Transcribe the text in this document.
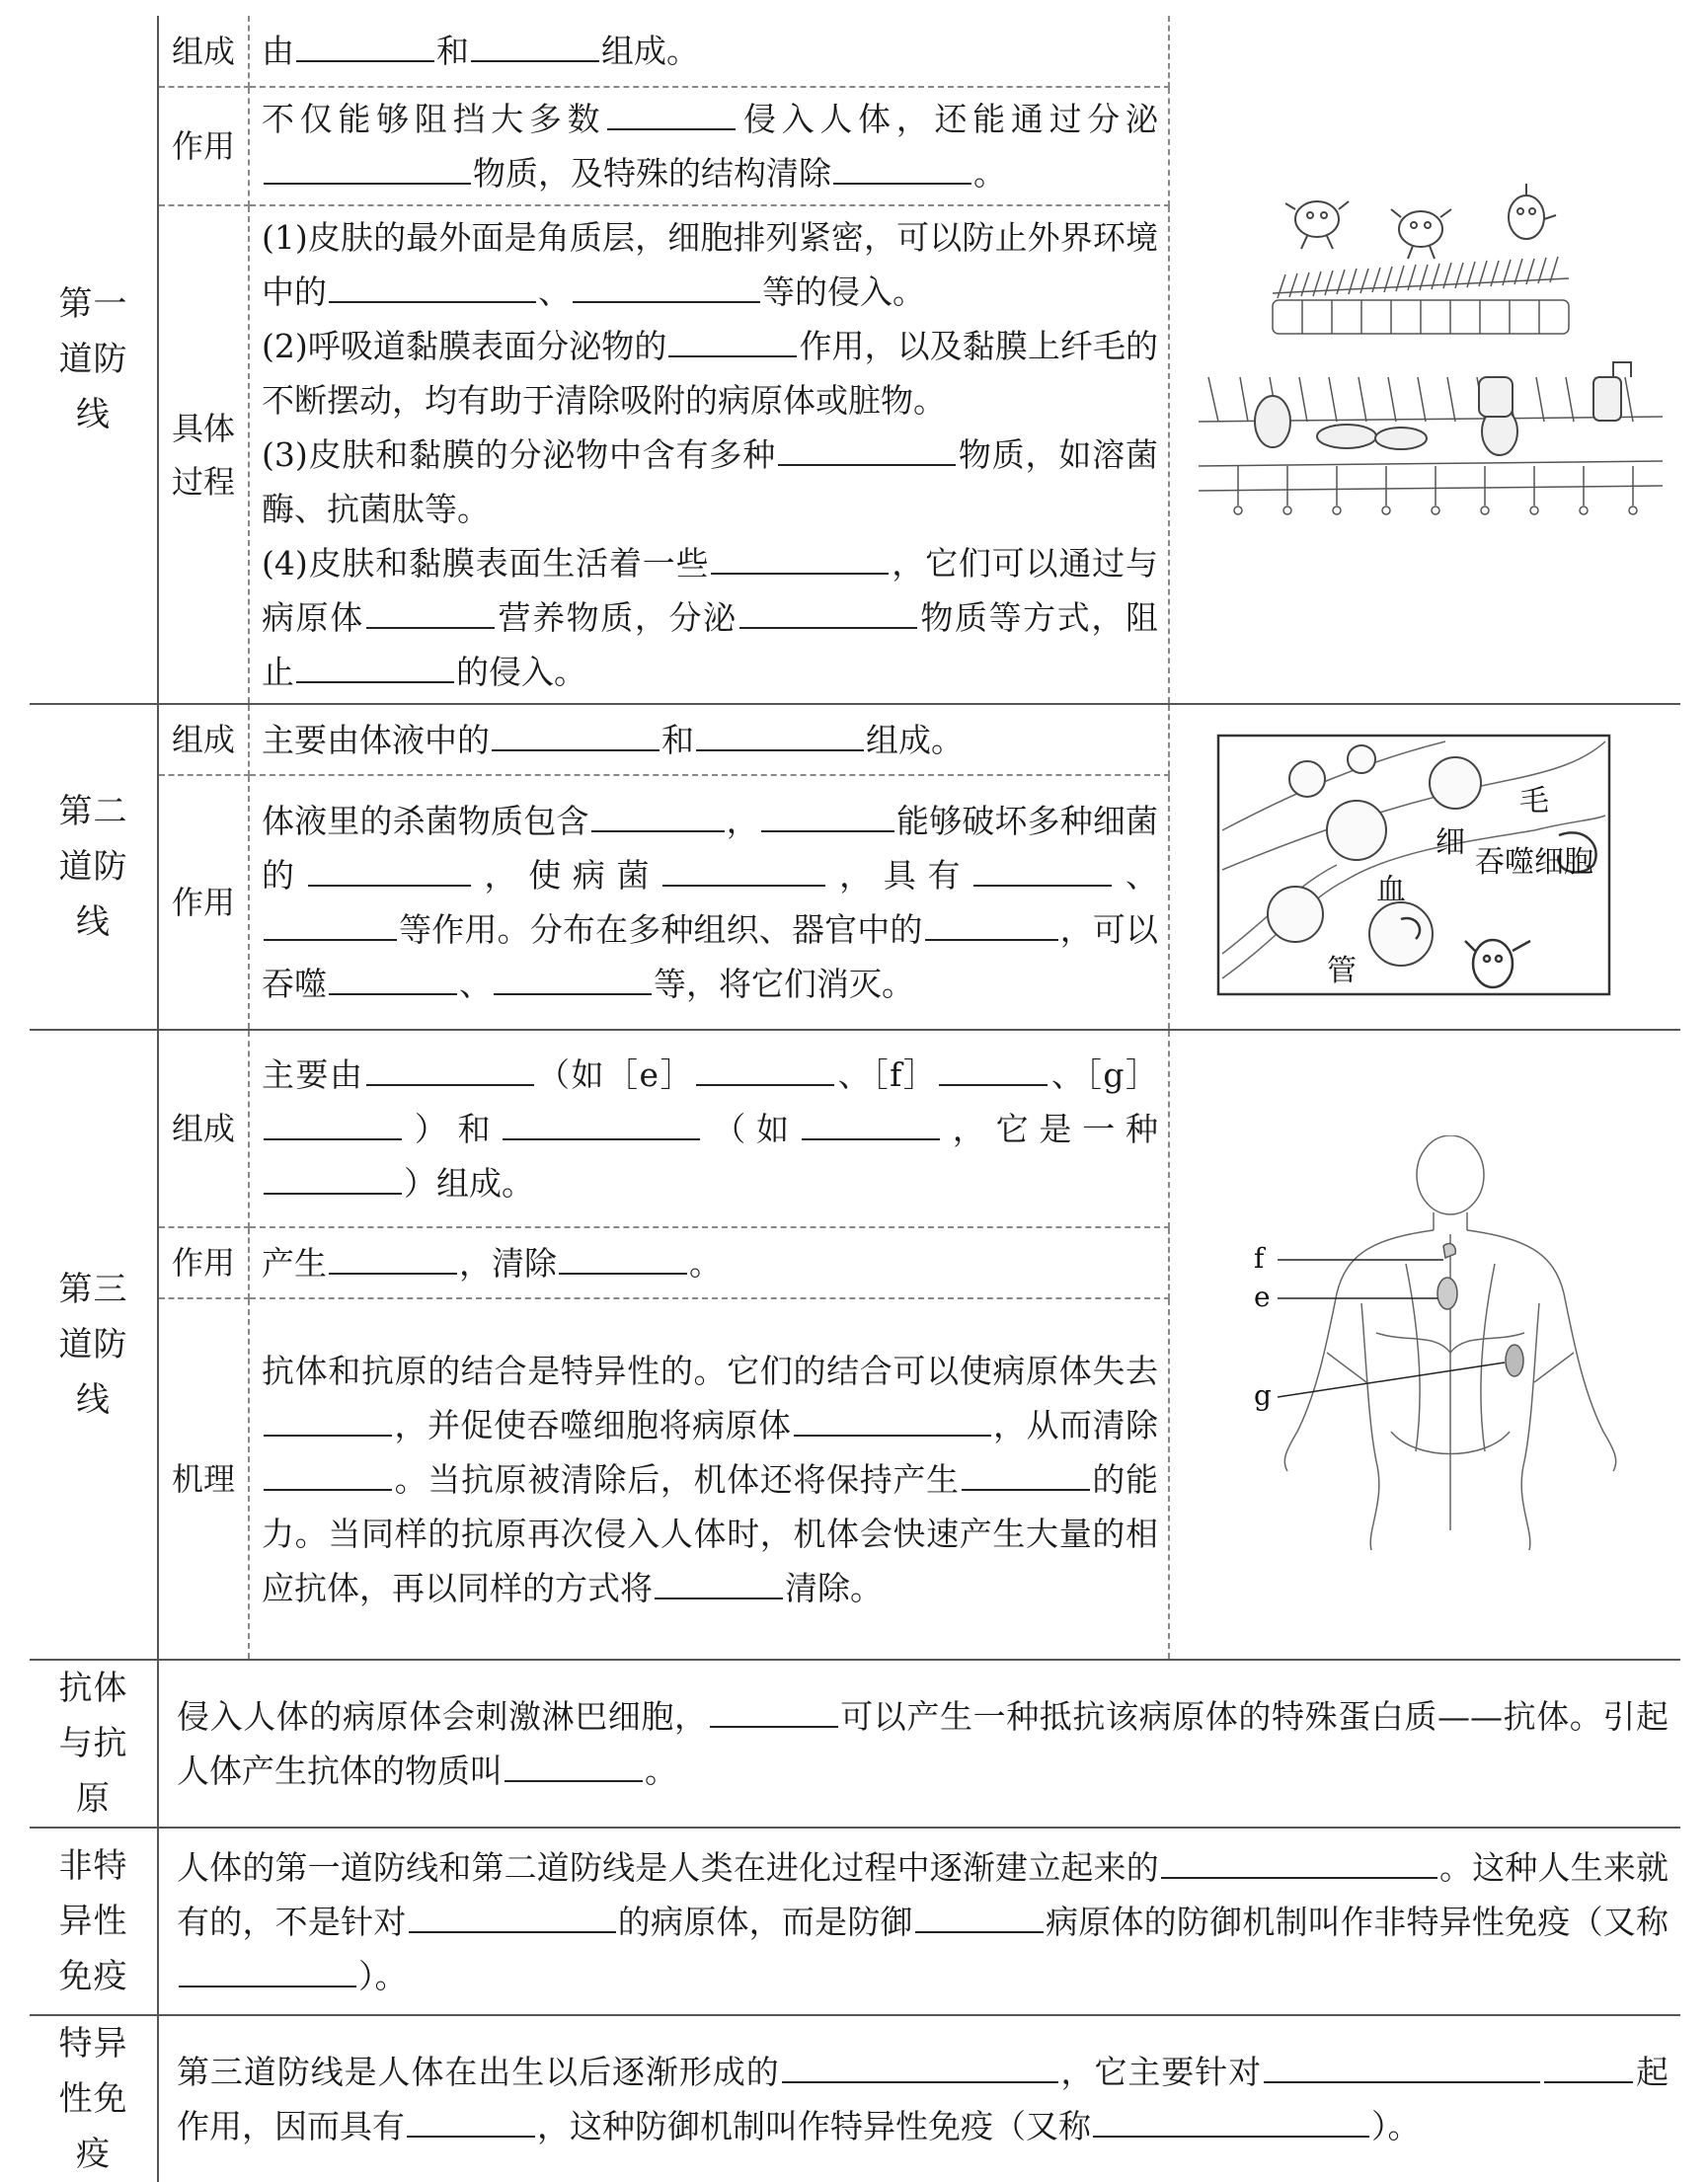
第一道防线	组成	由 和 组成。	
	作用	不仅能够阻挡大多数 侵入人体，还能通过分泌物质，及特殊的结构清除 。	

	具体过程	(1)皮肤的最外面是角质层，细胞排列紧密，可以防止外界环境中的 、 等的侵入。

(2)呼吸道黏膜表面分泌物的 作用，以及黏膜上纤毛的不断摆动，均有助于清除吸附的病原体或脏物。

(3)皮肤和黏膜的分泌物中含有多种 物质，如溶菌酶、抗菌肽等。

(4)皮肤和黏膜表面生活着一些 ，它们可以通过与病原体 营养物质，分泌 物质等方式，阻止 的侵入。	

第二道防线	组成	主要由体液中的 和 组成。	毛
细
血
管
吞噬细胞

	作用	体液里的杀菌物质包含 ， 能够破坏多种细菌的 ，使病菌 ，具有 、等作用。分布在多种组织、器官中的 ，可以吞噬 、 等，将它们消灭。	

第三道防线	组成	主要由 （如［e］ 、［f］ 、［g］）和 （如 ，它是一种）组成。	f
e
g

	作用	产生 ，清除 。	
	机理	抗体和抗原的结合是特异性的。它们的结合可以使病原体失去，并促使吞噬细胞将病原体 ，从而清除。当抗原被清除后，机体还将保持产生 的能力。当同样的抗原再次侵入人体时，机体会快速产生大量的相应抗体，再以同样的方式将 清除。	

抗体与抗原	侵入人体的病原体会刺激淋巴细胞， 可以产生一种抵抗该病原体的特殊蛋白质——抗体。引起人体产生抗体的物质叫 。		

非特异性免疫	人体的第一道防线和第二道防线是人类在进化过程中逐渐建立起来的 。这种人生来就有的，不是针对 的病原体，而是防御 病原体的防御机制叫作非特异性免疫（又称）。		

特异性免疫	第三道防线是人体在出生以后逐渐形成的 ，它主要针对 起作用，因而具有 ，这种防御机制叫作特异性免疫（又称 ）。		
